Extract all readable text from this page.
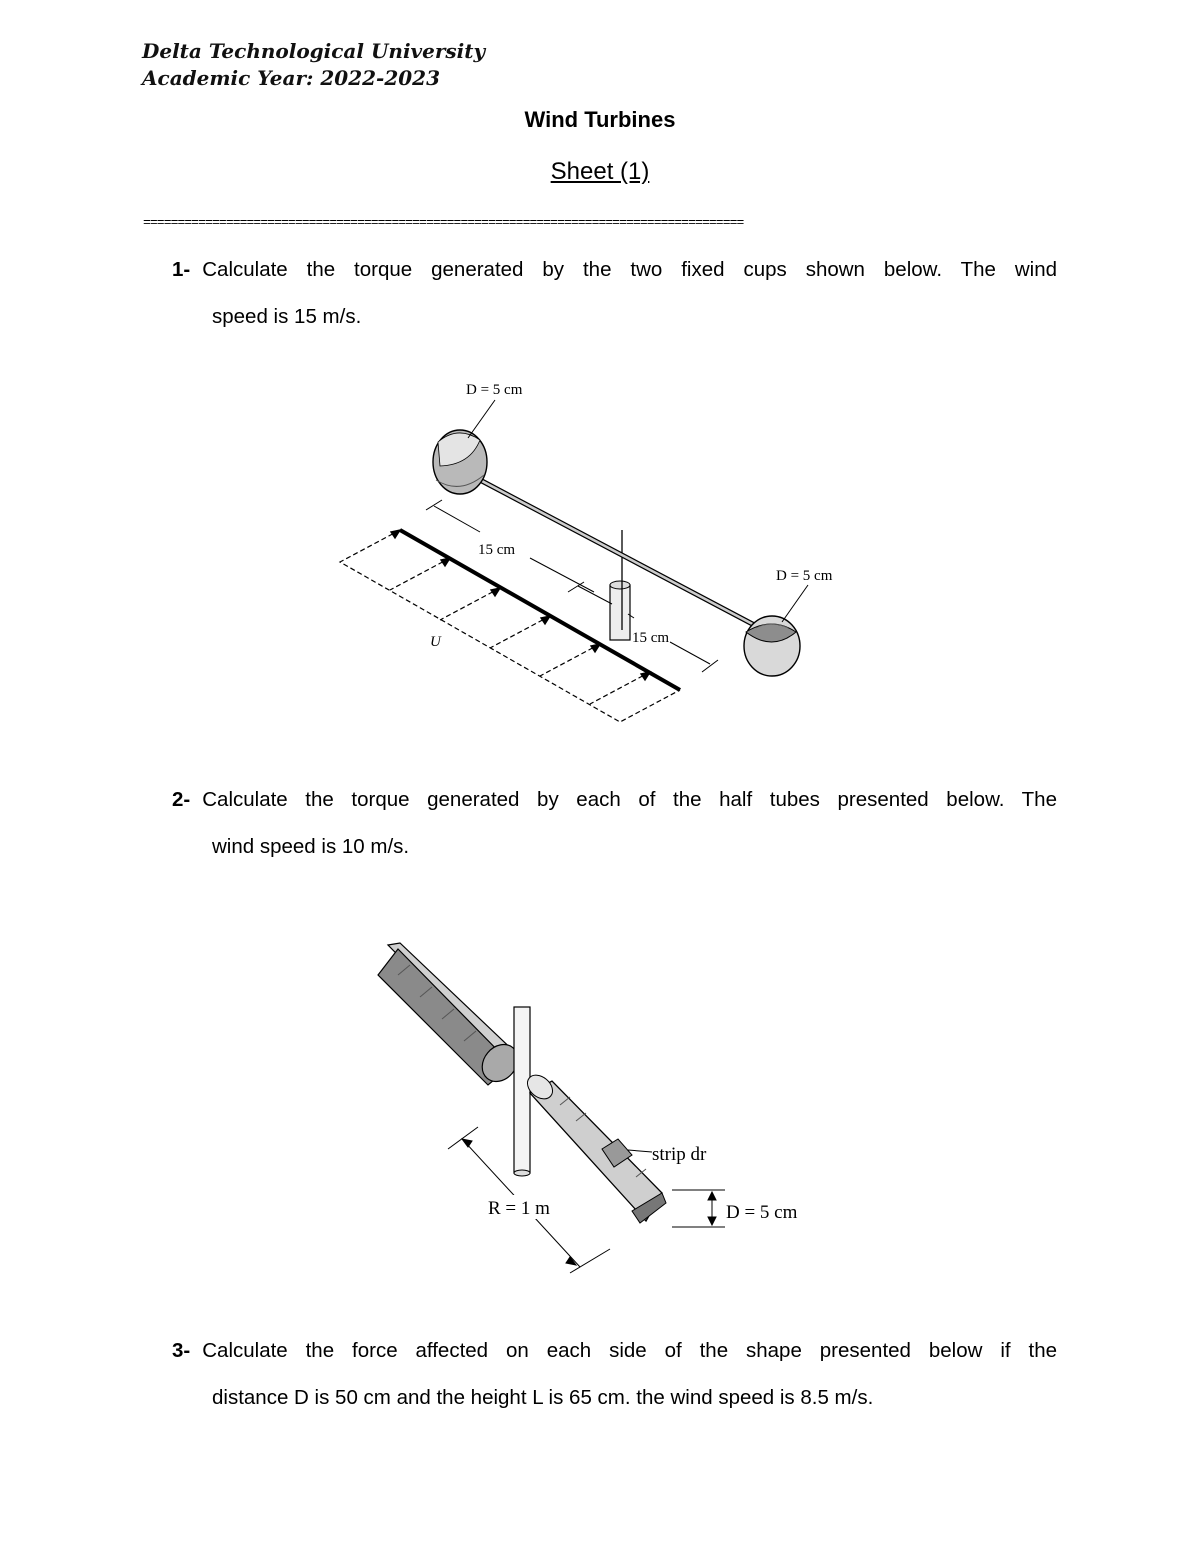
Delta Technological University
Academic Year: 2022-2023
Wind Turbines
Sheet (1)
=======================================================================================
1- Calculate the torque generated by the two fixed cups shown below. The wind
speed is 15 m/s.
U
D = 5 cm
D = 5 cm
15 cm
15 cm
2- Calculate the torque generated by each of the half tubes presented below. The
wind speed is 10 m/s.
strip dr
D = 5 cm
R = 1 m
3- Calculate the force affected on each side of the shape presented below if the
distance D is 50 cm and the height L is 65 cm. the wind speed is 8.5 m/s.
